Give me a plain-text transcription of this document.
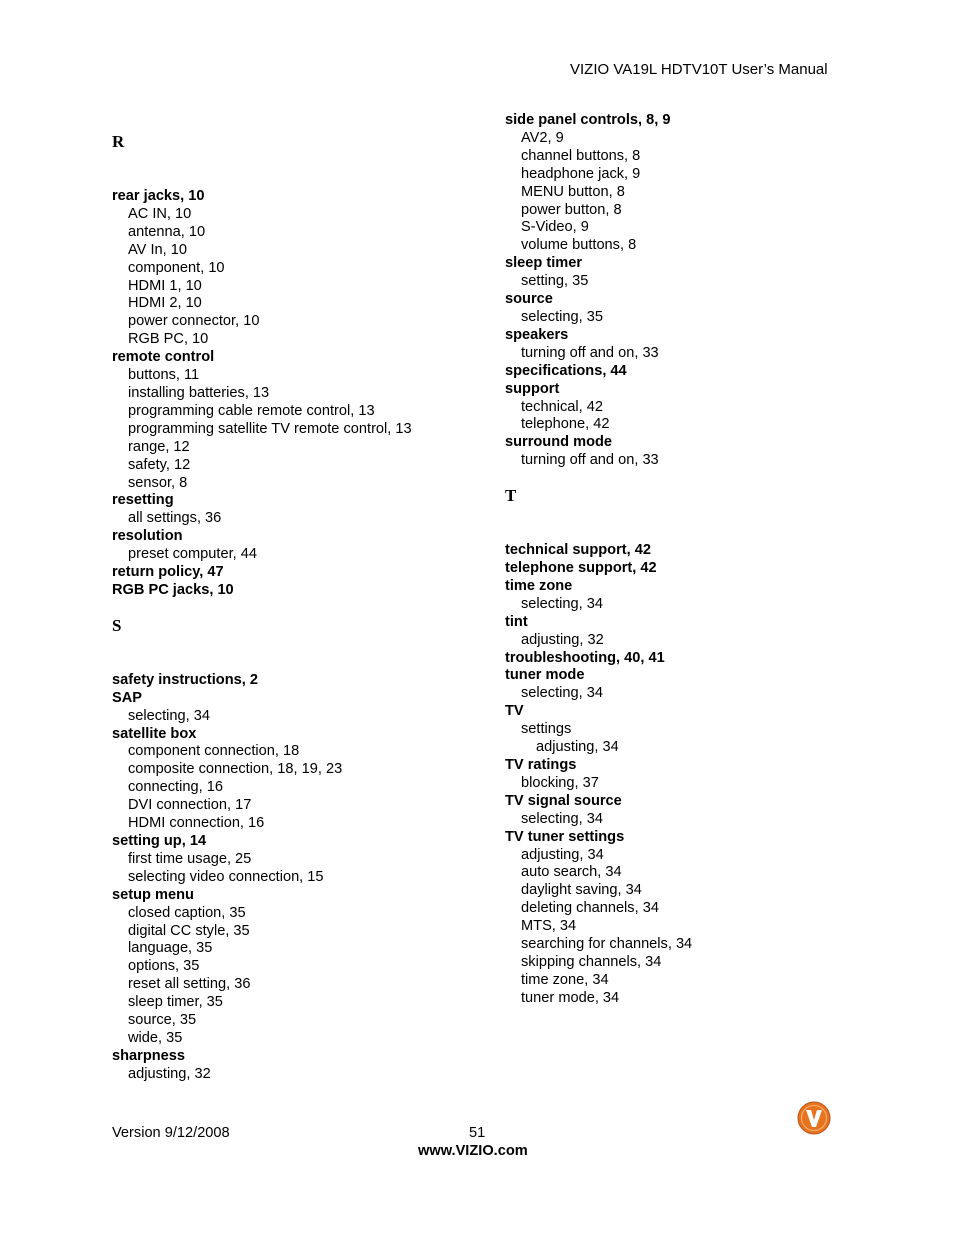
VIZIO VA19L HDTV10T User’s Manual
R
rear jacks, 10
AC IN, 10
antenna, 10
AV In, 10
component, 10
HDMI 1, 10
HDMI 2, 10
power connector, 10
RGB PC, 10
remote control
buttons, 11
installing batteries, 13
programming cable remote control, 13
programming satellite TV remote control, 13
range, 12
safety, 12
sensor, 8
resetting
all settings, 36
resolution
preset computer, 44
return policy, 47
RGB PC jacks, 10
S
safety instructions, 2
SAP
selecting, 34
satellite box
component connection, 18
composite connection, 18, 19, 23
connecting, 16
DVI connection, 17
HDMI connection, 16
setting up, 14
first time usage, 25
selecting video connection, 15
setup menu
closed caption, 35
digital CC style, 35
language, 35
options, 35
reset all setting, 36
sleep timer, 35
source, 35
wide, 35
sharpness
adjusting, 32
side panel controls, 8, 9
AV2, 9
channel buttons, 8
headphone jack, 9
MENU button, 8
power button, 8
S-Video, 9
volume buttons, 8
sleep timer
setting, 35
source
selecting, 35
speakers
turning off and on, 33
specifications, 44
support
technical, 42
telephone, 42
surround mode
turning off and on, 33
T
technical support, 42
telephone support, 42
time zone
selecting, 34
tint
adjusting, 32
troubleshooting, 40, 41
tuner mode
selecting, 34
TV
settings
adjusting, 34
TV ratings
blocking, 37
TV signal source
selecting, 34
TV tuner settings
adjusting, 34
auto search, 34
daylight saving, 34
deleting channels, 34
MTS, 34
searching for channels, 34
skipping channels, 34
time zone, 34
tuner mode, 34
Version 9/12/2008	51
www.VIZIO.com
